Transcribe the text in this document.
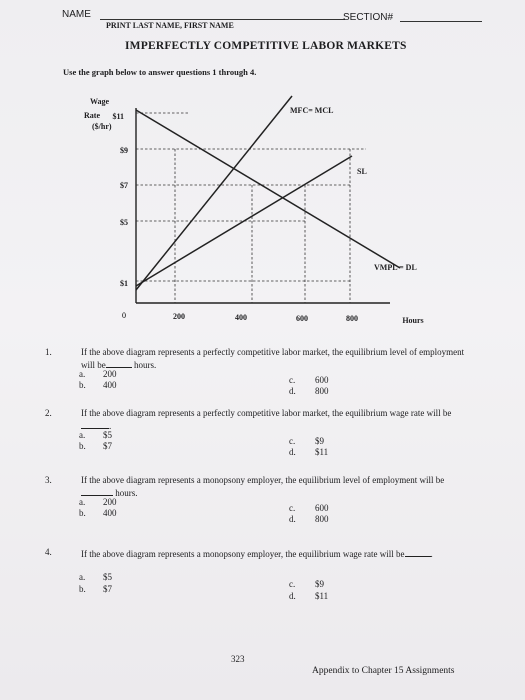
NAME	SECTION#
PRINT LAST NAME, FIRST NAME
IMPERFECTLY COMPETITIVE LABOR MARKETS
Use the graph below to answer questions 1 through 4.
Wage
Rate
($/hr)
$11
$9
$7
$5
$1
0
MFC= MCL
SL
VMPL = DL
200	400	600	800	Hours
1.	If the above diagram represents a perfectly competitive labor market, the equilibrium level of employment will be	hours.
a. 200
b. 400	c. 600
d. 800
2.	If the above diagram represents a perfectly competitive labor market, the equilibrium wage rate will be.
a. $5
b. $7	c. $9
d. $11
3.	If the above diagram represents a monopsony employer, the equilibrium level of employment will be hours.
a. 200
b. 400	c. 600
d. 800
4.	If the above diagram represents a monopsony employer, the equilibrium wage rate will be	.
a. $5
b. $7	c. $9
d. $11
323
Appendix to Chapter 15 Assignments
